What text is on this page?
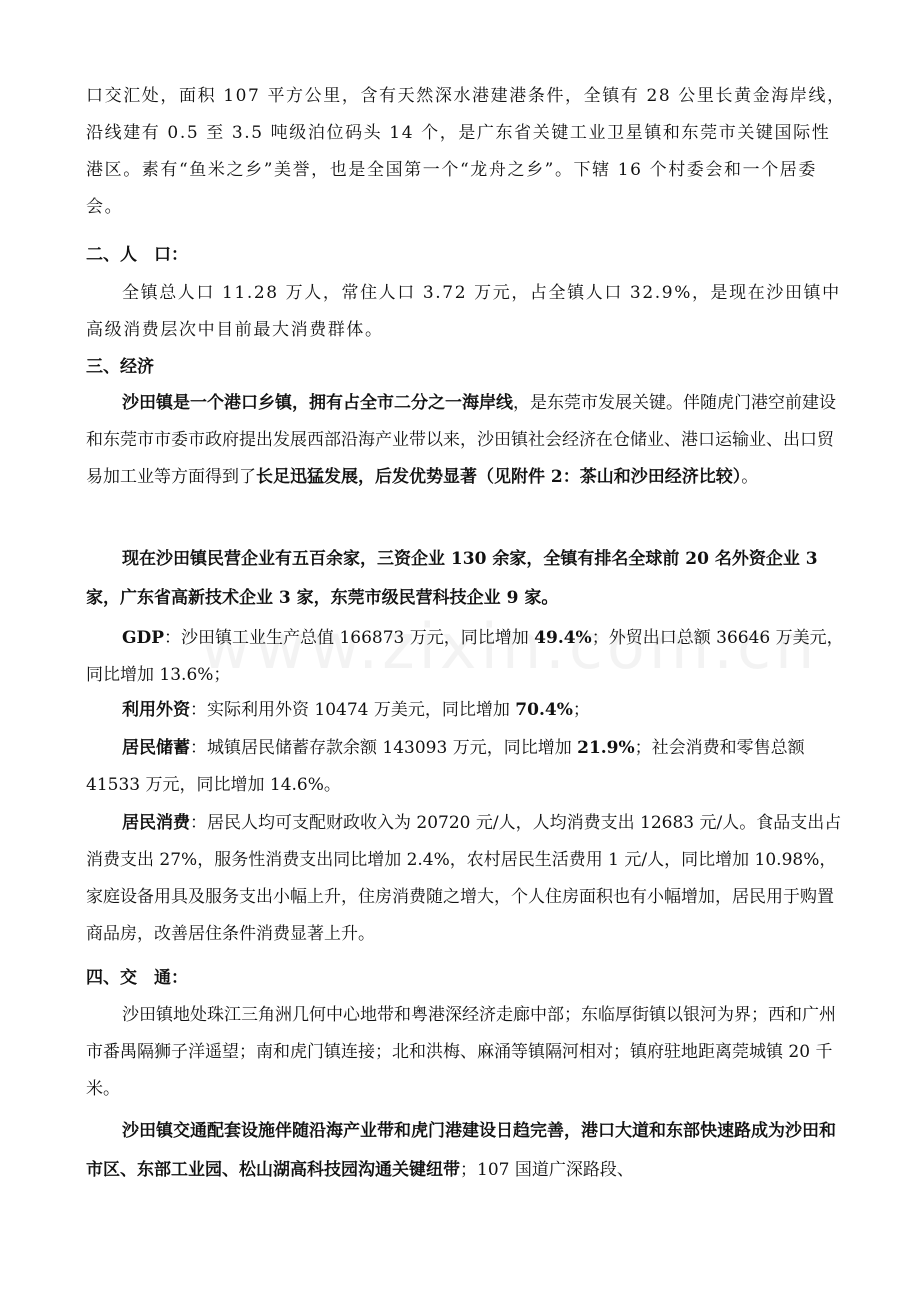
口交汇处，面积 107 平方公里，含有天然深水港建港条件，全镇有 28 公里长黄金海岸线，沿线建有 0.5 至 3.5 吨级泊位码头 14 个，是广东省关键工业卫星镇和东莞市关键国际性港区。素有“鱼米之乡”美誉，也是全国第一个“龙舟之乡”。下辖 16 个村委会和一个居委会。

二、人　口：

全镇总人口 11.28 万人，常住人口 3.72 万元，占全镇人口 32.9%，是现在沙田镇中高级消费层次中目前最大消费群体。

三、经济

沙田镇是一个港口乡镇，拥有占全市二分之一海岸线，是东莞市发展关键。伴随虎门港空前建设和东莞市市委市政府提出发展西部沿海产业带以来，沙田镇社会经济在仓储业、港口运输业、出口贸易加工业等方面得到了长足迅猛发展，后发优势显著（见附件 2：茶山和沙田经济比较）。

现在沙田镇民营企业有五百余家，三资企业 130 余家，全镇有排名全球前 20 名外资企业 3 家，广东省高新技术企业 3 家，东莞市级民营科技企业 9 家。

GDP：沙田镇工业生产总值 166873 万元，同比增加 49.4%；外贸出口总额 36646 万美元，同比增加 13.6%；

利用外资：实际利用外资 10474 万美元，同比增加 70.4%；

居民储蓄：城镇居民储蓄存款余额 143093 万元，同比增加 21.9%；社会消费和零售总额 41533 万元，同比增加 14.6%。

居民消费：居民人均可支配财政收入为 20720 元/人，人均消费支出 12683 元/人。食品支出占消费支出 27%，服务性消费支出同比增加 2.4%，农村居民生活费用 1 元/人，同比增加 10.98%，家庭设备用具及服务支出小幅上升，住房消费随之增大，个人住房面积也有小幅增加，居民用于购置商品房，改善居住条件消费显著上升。

四、交　通：

沙田镇地处珠江三角洲几何中心地带和粤港深经济走廊中部；东临厚街镇以银河为界；西和广州市番禺隔狮子洋遥望；南和虎门镇连接；北和洪梅、麻涌等镇隔河相对；镇府驻地距离莞城镇 20 千米。

沙田镇交通配套设施伴随沿海产业带和虎门港建设日趋完善，港口大道和东部快速路成为沙田和市区、东部工业园、松山湖高科技园沟通关键纽带；107 国道广深路段、
